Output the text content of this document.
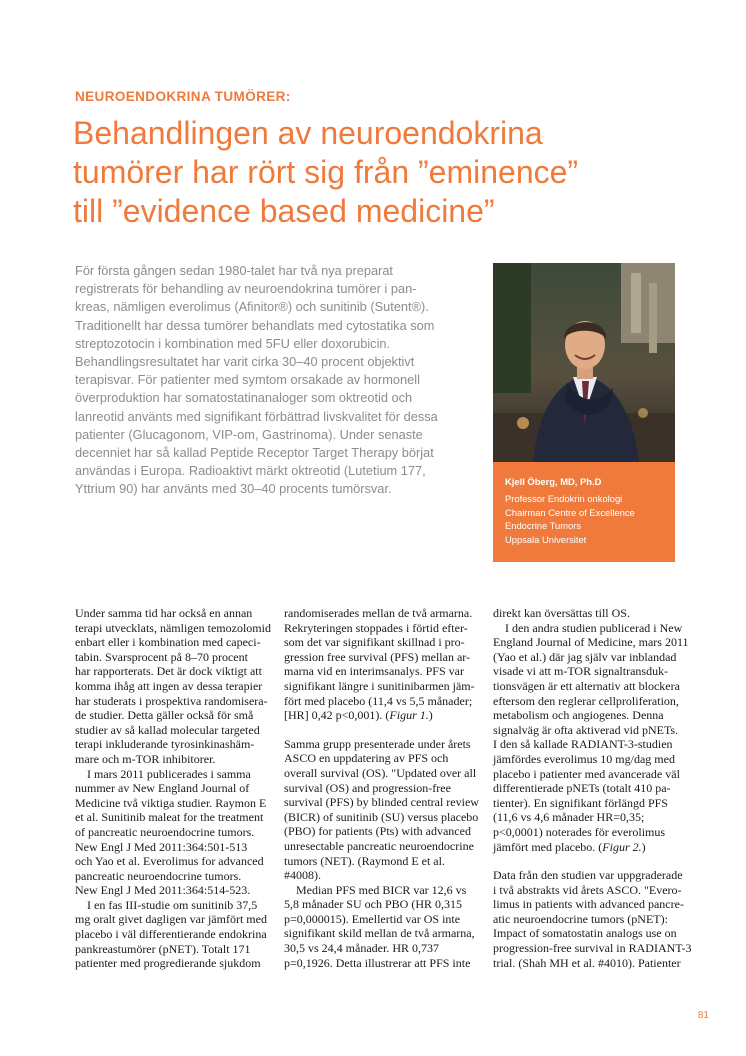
NEUROENDOKRINA TUMÖRER:
Behandlingen av neuroendokrina
tumörer har rört sig från ”eminence”
till ”evidence based medicine”
För första gången sedan 1980-talet har två nya preparat
registrerats för behandling av neuroendokrina tumörer i pan-
kreas, nämligen everolimus (Afinitor®) och sunitinib (Sutent®).
Traditionellt har dessa tumörer behandlats med cytostatika som
streptozotocin i kombination med 5FU eller doxorubicin.
Behandlingsresultatet har varit cirka 30–40 procent objektivt
terapisvar. För patienter med symtom orsakade av hormonell
överproduktion har somatostatinanaloger som oktreotid och
lanreotid använts med signifikant förbättrad livskvalitet för dessa
patienter (Glucagonom, VIP-om, Gastrinoma). Under senaste
decenniet har så kallad Peptide Receptor Target Therapy börjat
användas i Europa. Radioaktivt märkt oktreotid (Lutetium 177,
Yttrium 90) har använts med 30–40 procents tumörsvar.	Kjell Öberg, MD, Ph.D
Professor Endokrin onkologi
Chairman Centre of Excellence
Endocrine Tumors
Uppsala Universitet
Under samma tid har också en annan
terapi utvecklats, nämligen temozolomid
enbart eller i kombination med capeci-
tabin. Svarsprocent på 8–70 procent
har rapporterats. Det är dock viktigt att
komma ihåg att ingen av dessa terapier
har studerats i prospektiva randomisera-
de studier. Detta gäller också för små
studier av så kallad molecular targeted
terapi inkluderande tyrosinkinashäm-
mare och m-TOR inhibitorer.
I mars 2011 publicerades i samma
nummer av New England Journal of
Medicine två viktiga studier. Raymon E
et al. Sunitinib maleat for the treatment
of pancreatic neuroendocrine tumors.
New Engl J Med 2011:364:501-513
och Yao et al. Everolimus for advanced
pancreatic neuroendocrine tumors.
New Engl J Med 2011:364:514-523.
I en fas III-studie om sunitinib 37,5
mg oralt givet dagligen var jämfört med
placebo i väl differentierande endokrina
pankreastumörer (pNET). Totalt 171
patienter med progredierande sjukdom
randomiserades mellan de två armarna.
Rekryteringen stoppades i förtid efter-
som det var signifikant skillnad i pro-
gression free survival (PFS) mellan ar-
marna vid en interimsanalys. PFS var
signifikant längre i sunitinibarmen jäm-
fört med placebo (11,4 vs 5,5 månader;
[HR] 0,42 p<0,001). (Figur 1.)
Samma grupp presenterade under årets
ASCO en uppdatering av PFS och
overall survival (OS). "Updated over all
survival (OS) and progression-free
survival (PFS) by blinded central review
(BICR) of sunitinib (SU) versus placebo
(PBO) for patients (Pts) with advanced
unresectable pancreatic neuroendocrine
tumors (NET). (Raymond E et al.
#4008).
Median PFS med BICR var 12,6 vs
5,8 månader SU och PBO (HR 0,315
p=0,000015). Emellertid var OS inte
signifikant skild mellan de två armarna,
30,5 vs 24,4 månader. HR 0,737
p=0,1926. Detta illustrerar att PFS inte
direkt kan översättas till OS.
I den andra studien publicerad i New
England Journal of Medicine, mars 2011
(Yao et al.) där jag själv var inblandad
visade vi att m-TOR signaltransduk-
tionsvägen är ett alternativ att blockera
eftersom den reglerar cellproliferation,
metabolism och angiogenes. Denna
signalväg är ofta aktiverad vid pNETs.
I den så kallade RADIANT-3-studien
jämfördes everolimus 10 mg/dag med
placebo i patienter med avancerade väl
differentierade pNETs (totalt 410 pa-
tienter). En signifikant förlängd PFS
(11,6 vs 4,6 månader HR=0,35;
p<0,0001) noterades för everolimus
jämfört med placebo. (Figur 2.)
Data från den studien var uppgraderade
i två abstrakts vid årets ASCO. "Evero-
limus in patients with advanced pancre-
atic neuroendocrine tumors (pNET):
Impact of somatostatin analogs use on
progression-free survival in RADIANT-3
trial. (Shah MH et al. #4010). Patienter
81
